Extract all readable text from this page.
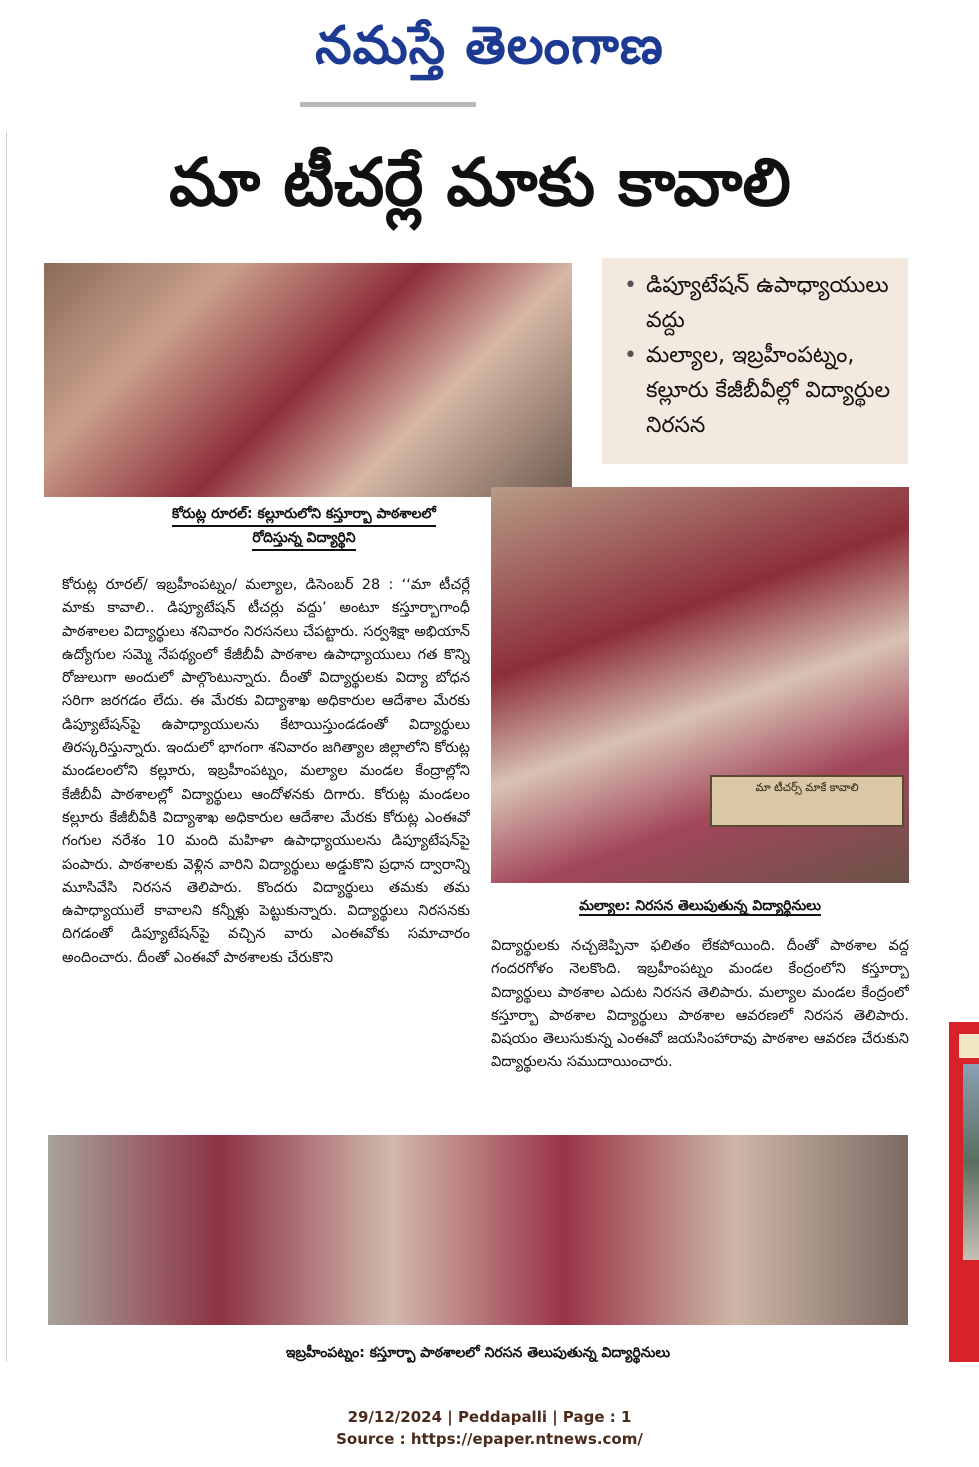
నమస్తే తెలంగాణ
మా టీచర్లే మాకు కావాలి
• డిప్యూటేషన్ ఉపాధ్యాయులు వద్దు
• మల్యాల, ఇబ్రహీంపట్నం, కల్లూరు కేజీబీవీల్లో విద్యార్థుల నిరసన
కోరుట్ల రూరల్: కల్లూరులోని కస్తూర్బా పాఠశాలలో
రోదిస్తున్న విద్యార్థిని
మా టీచర్స్ మాకే కావాలి
మల్యాల: నిరసన తెలుపుతున్న విద్యార్థినులు
కోరుట్ల రూరల్/ ఇబ్రహీంపట్నం/ మల్యాల, డిసెంబర్ 28 : ‘‘మా టీచర్లే మాకు కావాలి.. డిప్యూటేషన్ టీచర్లు వద్దు’ అంటూ కస్తూర్బాగాంధీ పాఠశాలల విద్యార్థులు శనివారం నిరసనలు చేపట్టారు. సర్వశిక్షా అభియాన్ ఉద్యోగుల సమ్మె నేపథ్యంలో కేజీబీవీ పాఠశాల ఉపాధ్యాయులు గత కొన్ని రోజులుగా అందులో పాల్గొంటున్నారు. దీంతో విద్యార్థులకు విద్యా బోధన సరిగా జరగడం లేదు. ఈ మేరకు విద్యాశాఖ అధికారుల ఆదేశాల మేరకు డిప్యూటేషన్‌పై ఉపాధ్యాయులను కేటాయిస్తుండడంతో విద్యార్థులు తిరస్కరిస్తున్నారు. ఇందులో భాగంగా శనివారం జగిత్యాల జిల్లాలోని కోరుట్ల మండలంలోని కల్లూరు, ఇబ్రహీంపట్నం, మల్యాల మండల కేంద్రాల్లోని కేజీబీవీ పాఠశాలల్లో విద్యార్థులు ఆందోళనకు దిగారు. కోరుట్ల మండలం కల్లూరు కేజీబీవీకి విద్యాశాఖ అధికారుల ఆదేశాల మేరకు కోరుట్ల ఎంఈవో గంగుల నరేశం 10 మంది మహిళా ఉపాధ్యాయులను డిప్యూటేషన్‌పై పంపారు. పాఠశాలకు వెళ్లిన వారిని విద్యార్థులు అడ్డుకొని ప్రధాన ద్వారాన్ని మూసివేసి నిరసన తెలిపారు. కొందరు విద్యార్థులు తమకు తమ ఉపాధ్యాయులే కావాలని కన్నీళ్లు పెట్టుకున్నారు. విద్యార్థులు నిరసనకు దిగడంతో డిప్యూటేషన్‌పై వచ్చిన వారు ఎంఈవోకు సమాచారం అందించారు. దీంతో ఎంఈవో పాఠశాలకు చేరుకొని
విద్యార్థులకు నచ్చజెప్పినా ఫలితం లేకపోయింది. దీంతో పాఠశాల వద్ద గందరగోళం నెలకొంది. ఇబ్రహీంపట్నం మండల కేంద్రంలోని కస్తూర్బా విద్యార్థులు పాఠశాల ఎదుట నిరసన తెలిపారు. మల్యాల మండల కేంద్రంలో కస్తూర్బా పాఠశాల విద్యార్థులు పాఠశాల ఆవరణలో నిరసన తెలిపారు. విషయం తెలుసుకున్న ఎంఈవో జయసింహారావు పాఠశాల ఆవరణ చేరుకుని విద్యార్థులను సముదాయించారు.
ఇబ్రహీంపట్నం: కస్తూర్బా పాఠశాలలో నిరసన తెలుపుతున్న విద్యార్థినులు
29/12/2024 | Peddapalli | Page : 1
Source : https://epaper.ntnews.com/
